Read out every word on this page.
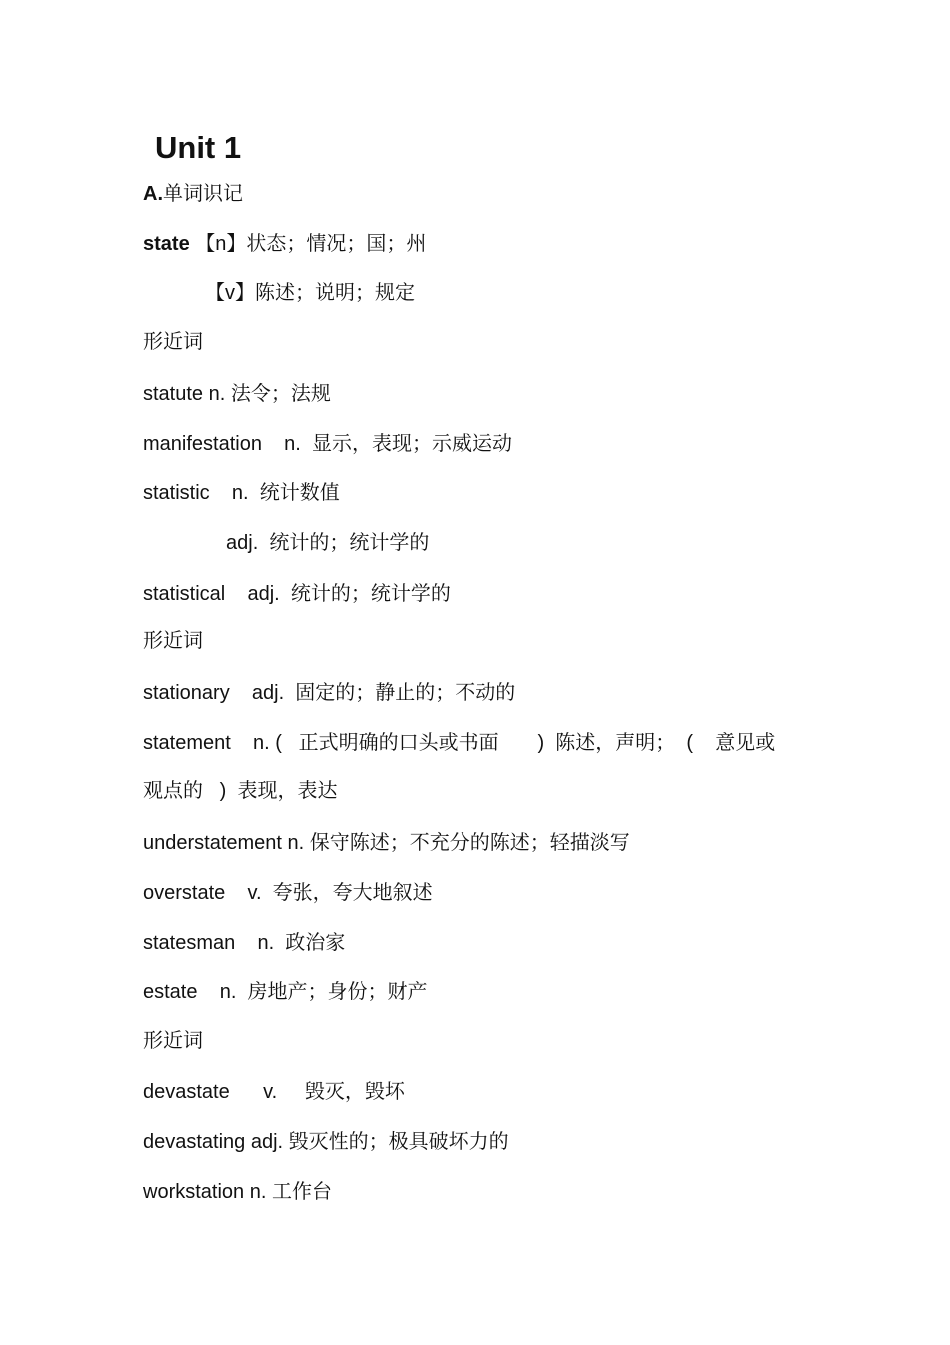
Unit 1
A.单词识记
state 【n】状态；情况；国；州
【v】陈述；说明；规定
形近词
statute n. 法令；法规
manifestation    n.  显示，表现；示威运动
statistic    n.  统计数值
adj.  统计的；统计学的
statistical    adj.  统计的；统计学的
形近词
stationary    adj.  固定的；静止的；不动的
statement    n. (   正式明确的口头或书面       )  陈述，声明；  (    意见或
观点的   )  表现，表达
understatement n. 保守陈述；不充分的陈述；轻描淡写
overstate    v.  夸张，夸大地叙述
statesman    n.  政治家
estate    n.  房地产；身份；财产
形近词
devastate      v.     毁灭，毁坏
devastating adj. 毁灭性的；极具破坏力的
workstation n. 工作台
